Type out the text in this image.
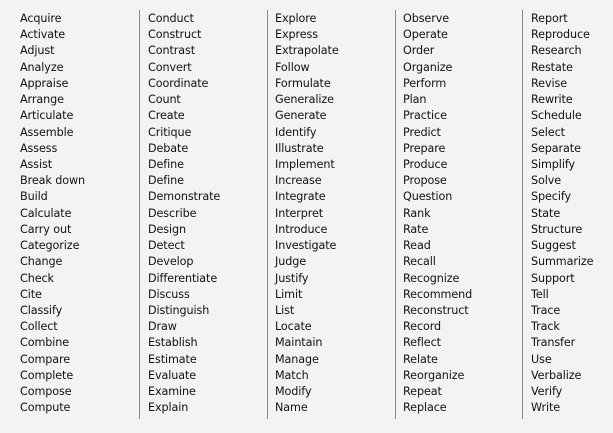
Acquire
Activate
Adjust
Analyze
Appraise
Arrange
Articulate
Assemble
Assess
Assist
Break down
Build
Calculate
Carry out
Categorize
Change
Check
Cite
Classify
Collect
Combine
Compare
Complete
Compose
Compute
Conduct
Construct
Contrast
Convert
Coordinate
Count
Create
Critique
Debate
Define
Define
Demonstrate
Describe
Design
Detect
Develop
Differentiate
Discuss
Distinguish
Draw
Establish
Estimate
Evaluate
Examine
Explain
Explore
Express
Extrapolate
Follow
Formulate
Generalize
Generate
Identify
Illustrate
Implement
Increase
Integrate
Interpret
Introduce
Investigate
Judge
Justify
Limit
List
Locate
Maintain
Manage
Match
Modify
Name
Observe
Operate
Order
Organize
Perform
Plan
Practice
Predict
Prepare
Produce
Propose
Question
Rank
Rate
Read
Recall
Recognize
Recommend
Reconstruct
Record
Reflect
Relate
Reorganize
Repeat
Replace
Report
Reproduce
Research
Restate
Revise
Rewrite
Schedule
Select
Separate
Simplify
Solve
Specify
State
Structure
Suggest
Summarize
Support
Tell
Trace
Track
Transfer
Use
Verbalize
Verify
Write
